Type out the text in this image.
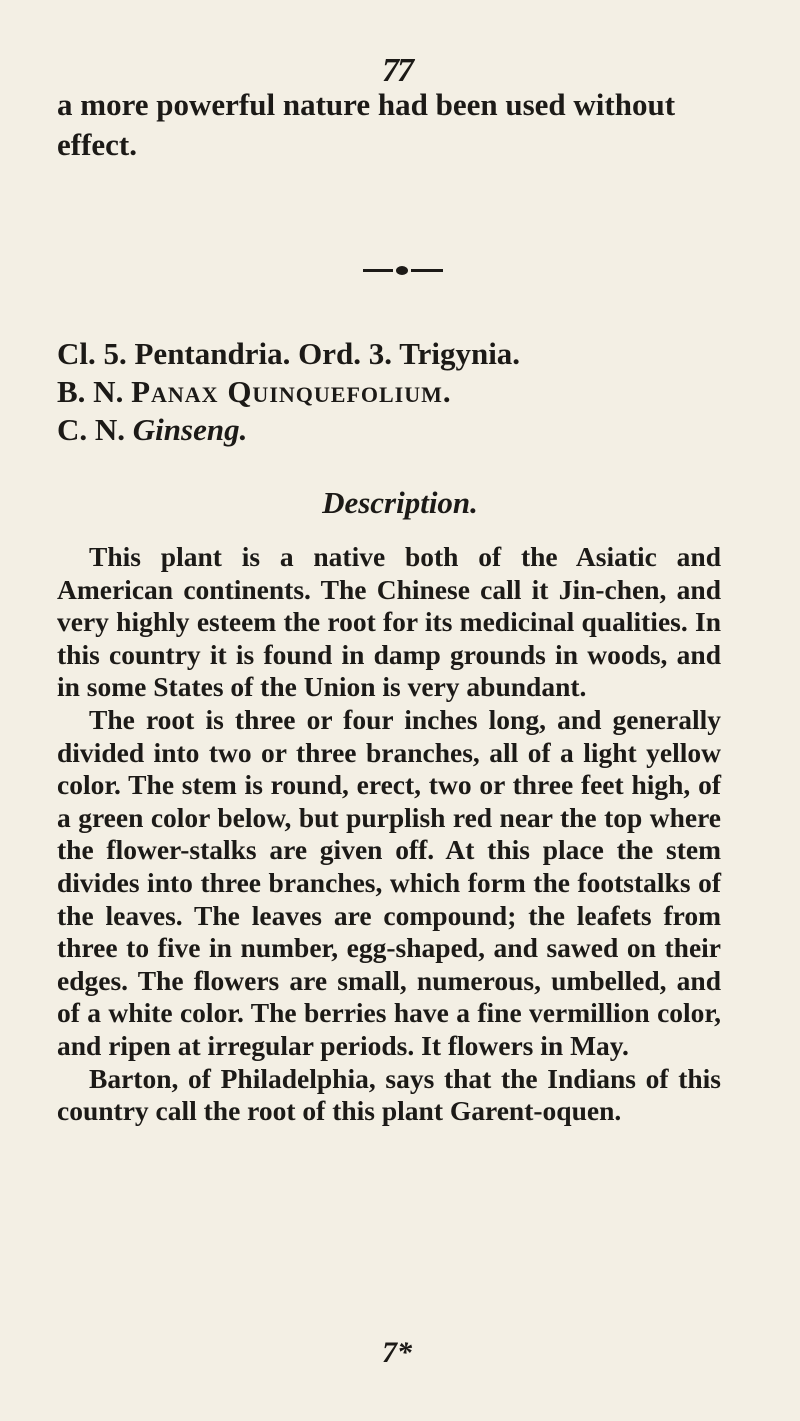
77

a more powerful nature had been used without effect.

Cl. 5. Pentandria. Ord. 3. Trigynia.
B. N. Panax Quinquefolium.
C. N. Ginseng.
Description.

This plant is a native both of the Asiatic and American continents. The Chinese call it Jin-chen, and very highly esteem the root for its medicinal qualities. In this country it is found in damp grounds in woods, and in some States of the Union is very abundant.

The root is three or four inches long, and generally divided into two or three branches, all of a light yellow color. The stem is round, erect, two or three feet high, of a green color below, but purplish red near the top where the flower-stalks are given off. At this place the stem divides into three branches, which form the footstalks of the leaves. The leaves are compound; the leafets from three to five in number, egg-shaped, and sawed on their edges. The flowers are small, numerous, umbelled, and of a white color. The berries have a fine vermillion color, and ripen at irregular periods. It flowers in May.

Barton, of Philadelphia, says that the Indians of this country call the root of this plant Garent-oquen.

7*
